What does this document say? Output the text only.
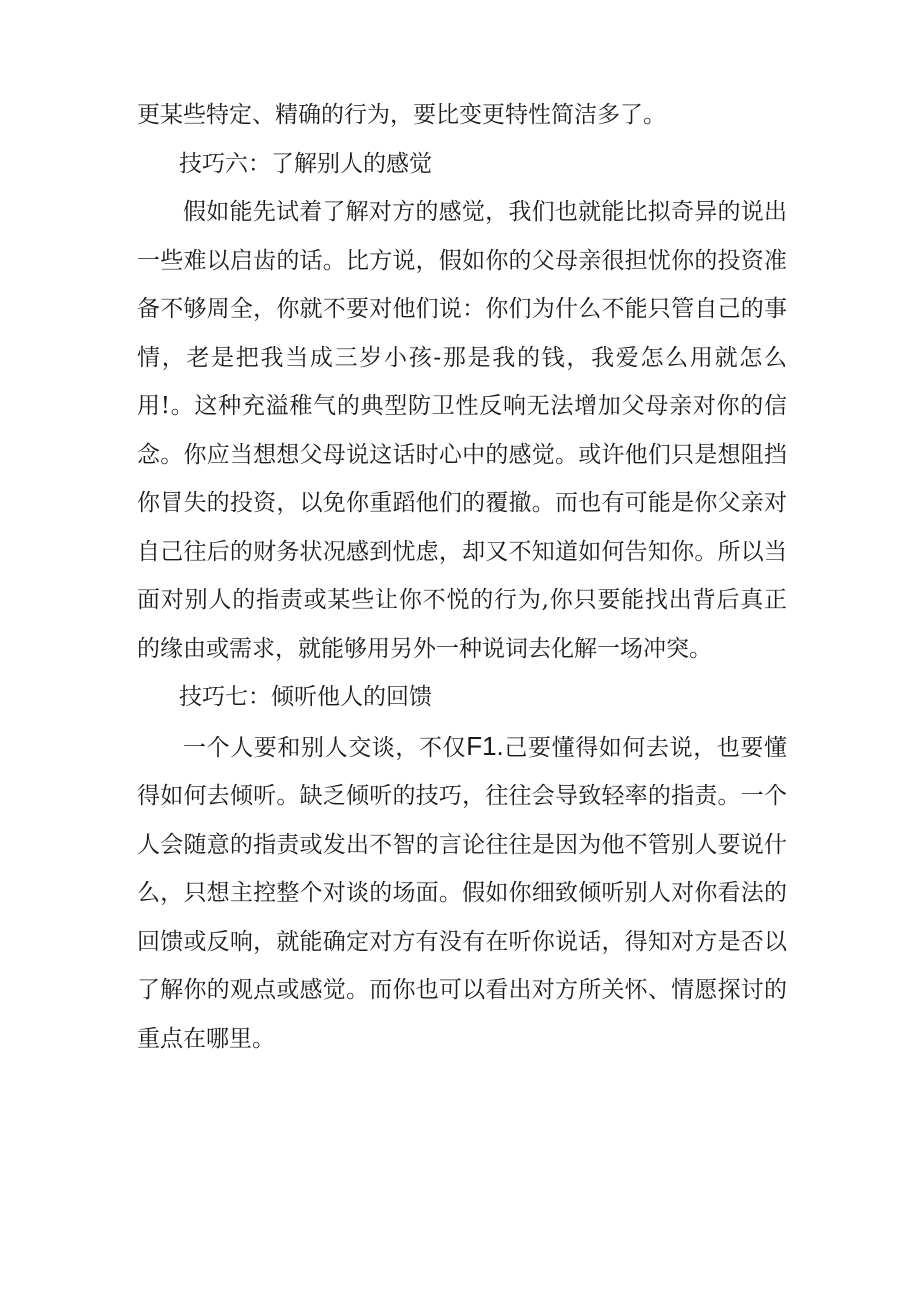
更某些特定、精确的行为，要比变更特性简洁多了。

技巧六：了解别人的感觉

假如能先试着了解对方的感觉，我们也就能比拟奇异的说出一些难以启齿的话。比方说，假如你的父母亲很担忧你的投资准备不够周全，你就不要对他们说：你们为什么不能只管自己的事情，老是把我当成三岁小孩-那是我的钱，我爱怎么用就怎么用!。这种充溢稚气的典型防卫性反响无法增加父母亲对你的信念。你应当想想父母说这话时心中的感觉。或许他们只是想阻挡你冒失的投资，以免你重蹈他们的覆撤。而也有可能是你父亲对自己往后的财务状况感到忧虑，却又不知道如何告知你。所以当面对别人的指责或某些让你不悦的行为,你只要能找出背后真正的缘由或需求，就能够用另外一种说词去化解一场冲突。

技巧七：倾听他人的回馈

一个人要和别人交谈，不仅F1.己要懂得如何去说，也要懂得如何去倾听。缺乏倾听的技巧，往往会导致轻率的指责。一个人会随意的指责或发出不智的言论往往是因为他不管别人要说什么，只想主控整个对谈的场面。假如你细致倾听别人对你看法的回馈或反响，就能确定对方有没有在听你说话，得知对方是否以了解你的观点或感觉。而你也可以看出对方所关怀、情愿探讨的重点在哪里。
